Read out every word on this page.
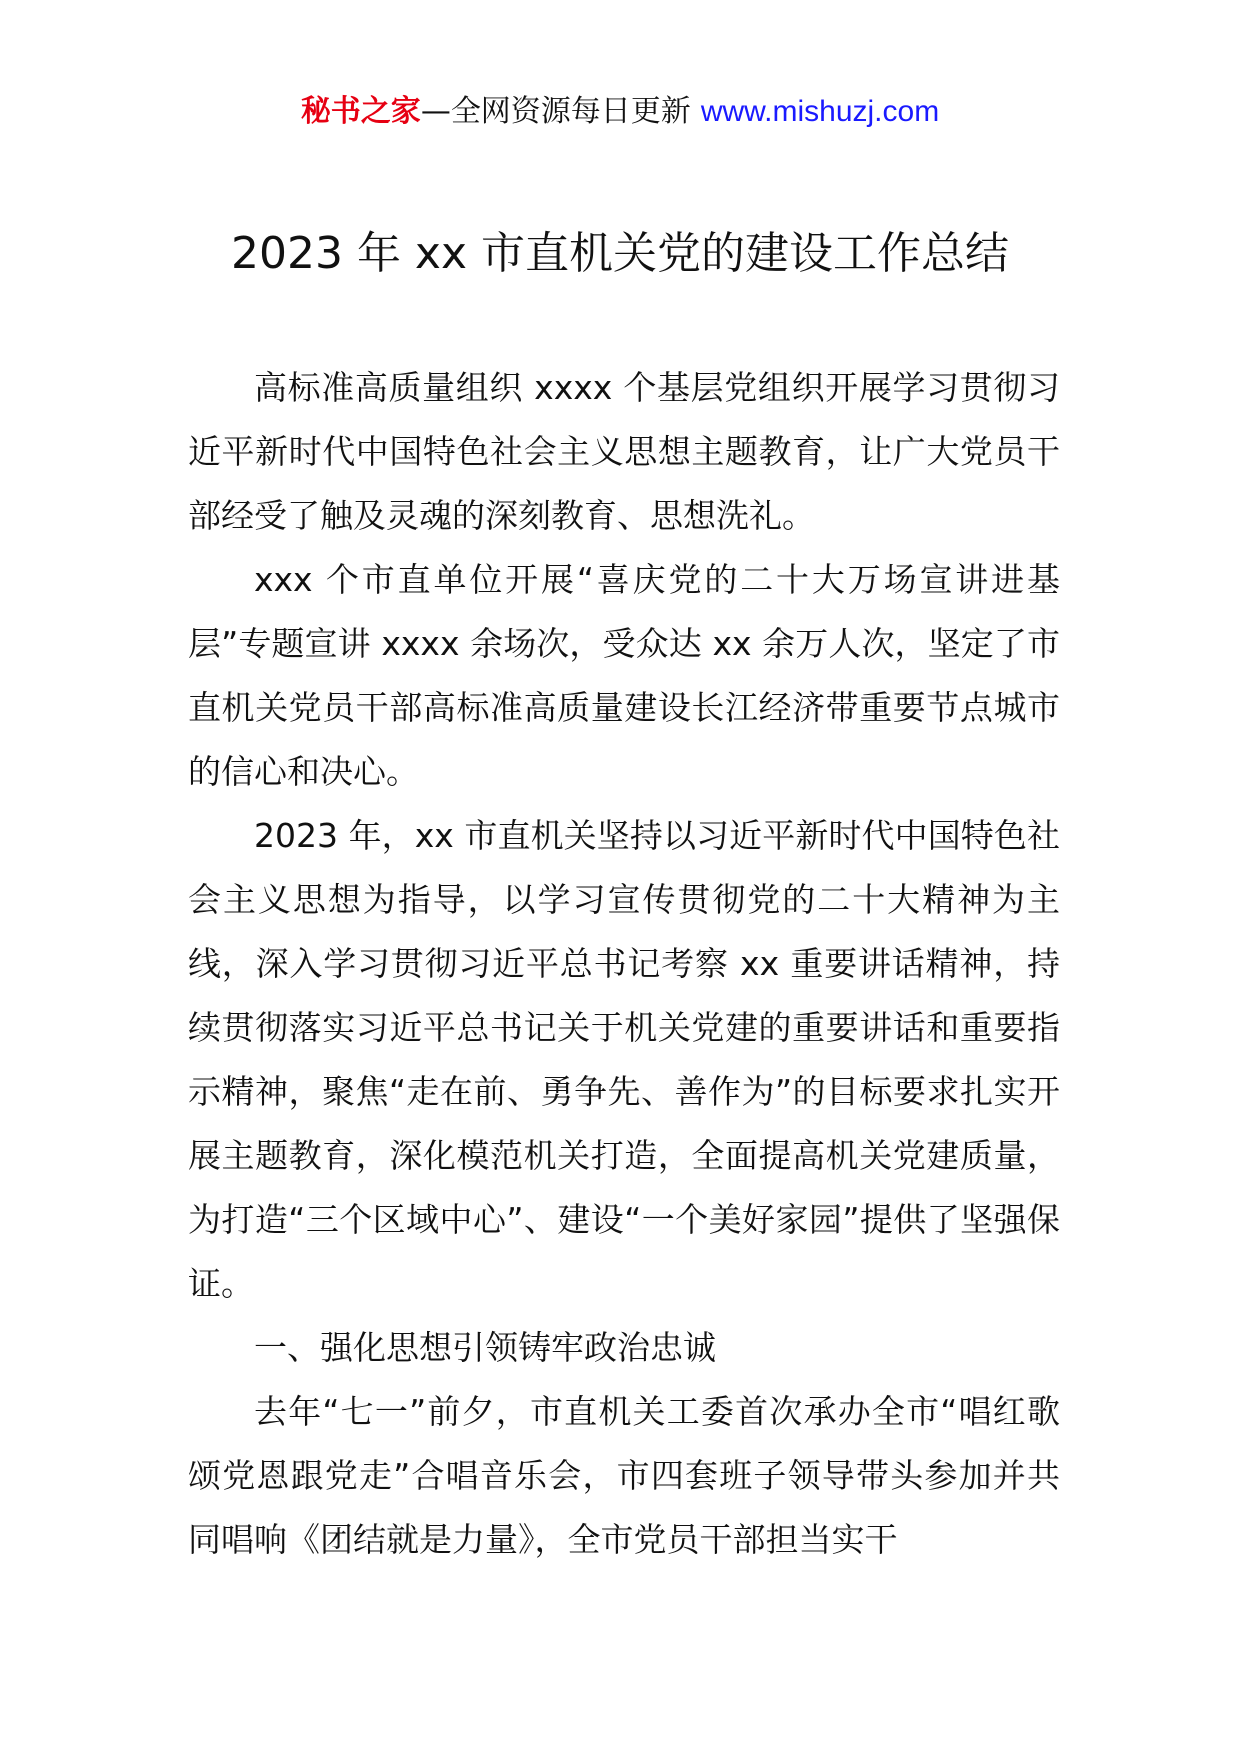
秘书之家—全网资源每日更新 www.mishuzj.com
2023 年 xx 市直机关党的建设工作总结

高标准高质量组织 xxxx 个基层党组织开展学习贯彻习近平新时代中国特色社会主义思想主题教育，让广大党员干部经受了触及灵魂的深刻教育、思想洗礼。

xxx 个市直单位开展“喜庆党的二十大万场宣讲进基层”专题宣讲 xxxx 余场次，受众达 xx 余万人次，坚定了市直机关党员干部高标准高质量建设长江经济带重要节点城市的信心和决心。

2023 年，xx 市直机关坚持以习近平新时代中国特色社会主义思想为指导，以学习宣传贯彻党的二十大精神为主线，深入学习贯彻习近平总书记考察 xx 重要讲话精神，持续贯彻落实习近平总书记关于机关党建的重要讲话和重要指示精神，聚焦“走在前、勇争先、善作为”的目标要求扎实开展主题教育，深化模范机关打造，全面提高机关党建质量，为打造“三个区域中心”、建设“一个美好家园”提供了坚强保证。

一、强化思想引领铸牢政治忠诚

去年“七一”前夕，市直机关工委首次承办全市“唱红歌颂党恩跟党走”合唱音乐会，市四套班子领导带头参加并共同唱响《团结就是力量》，全市党员干部担当实干
